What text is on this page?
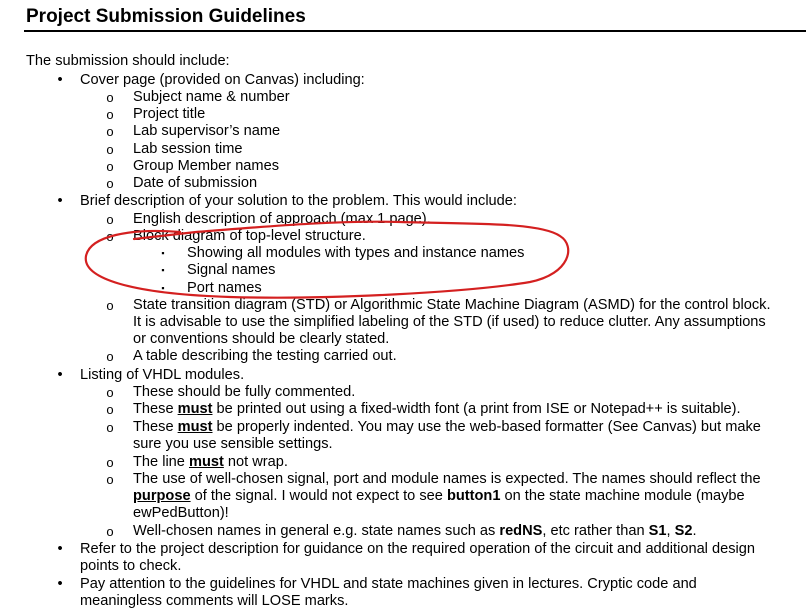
Project Submission Guidelines
The submission should include:
•	Cover page (provided on Canvas) including:
o	Subject name & number
o	Project title
o	Lab supervisor’s name
o	Lab session time
o	Group Member names
o	Date of submission
•	Brief description of your solution to the problem. This would include:
o	English description of approach (max 1 page).
o	Block diagram of top-level structure.
▪	Showing all modules with types and instance names
▪	Signal names
▪	Port names
o	State transition diagram (STD) or Algorithmic State Machine Diagram (ASMD) for the control block.
It is advisable to use the simplified labeling of the STD (if used) to reduce clutter. Any assumptions
or conventions should be clearly stated.
o	A table describing the testing carried out.
•	Listing of VHDL modules.
o	These should be fully commented.
o	These must be printed out using a fixed-width font (a print from ISE or Notepad++ is suitable).
o	These must be properly indented. You may use the web-based formatter (See Canvas) but make
sure you use sensible settings.
o	The line must not wrap.
o	The use of well-chosen signal, port and module names is expected. The names should reflect the
purpose of the signal. I would not expect to see button1 on the state machine module (maybe
ewPedButton)!
o	Well-chosen names in general e.g. state names such as redNS, etc rather than S1, S2.
•	Refer to the project description for guidance on the required operation of the circuit and additional design
points to check.
•	Pay attention to the guidelines for VHDL and state machines given in lectures. Cryptic code and
meaningless comments will LOSE marks.
